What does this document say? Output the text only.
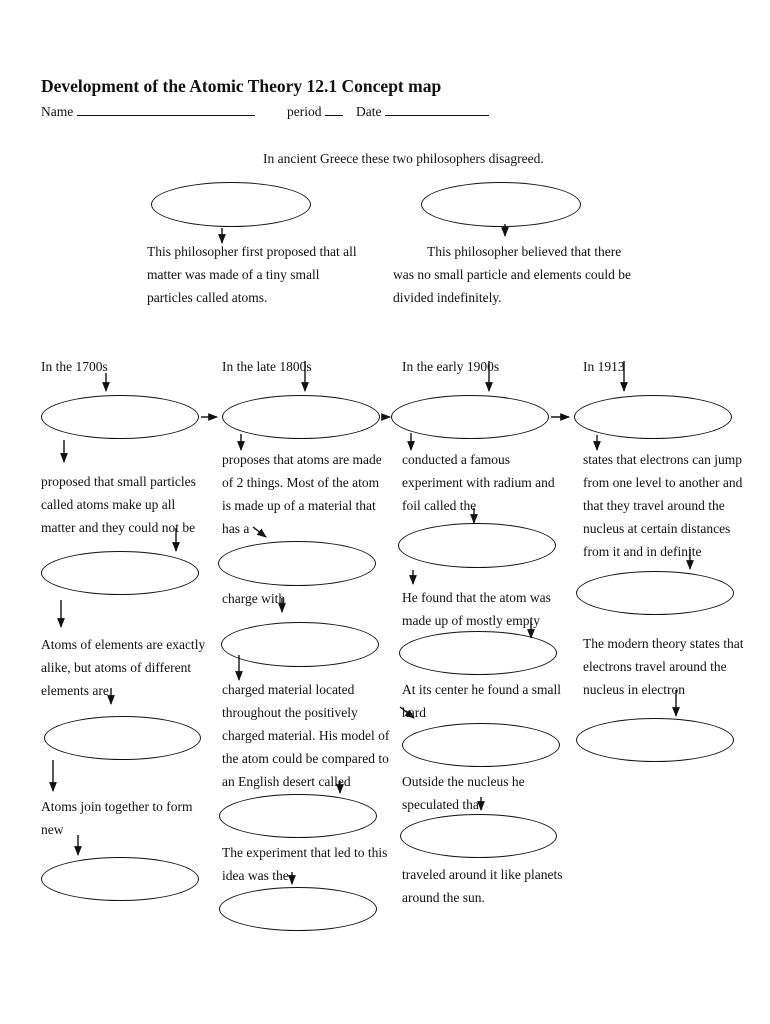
Development of the Atomic Theory 12.1 Concept map
Name	period	Date
In ancient Greece these two philosophers disagreed.
This philosopher first proposed that all
matter was made of a tiny small
particles called atoms.
This philosopher believed that there
was no small particle and elements could be
divided indefinitely.
In the 1700s	In the late 1800s	In the early 1900s	In 1913
proposed that small particles
called atoms make up all
matter and they could not be
Atoms of elements are exactly
alike, but atoms of different
elements are
Atoms join together to form
new
proposes that atoms are made
of 2 things. Most of the atom
is made up of a material that
has a
charge with
charged material located
throughout the positively
charged material. His model of
the atom could be compared to
an English desert called
The experiment that led to this
idea was the
conducted a famous
experiment with radium and
foil called the
He found that the atom was
made up of mostly empty
At its center he found a small
hard
Outside the nucleus he
speculated that
traveled around it like planets
around the sun.
states that electrons can jump
from one level to another and
that they travel around the
nucleus at certain distances
from it and in definite
The modern theory states that
electrons travel around the
nucleus in electron
